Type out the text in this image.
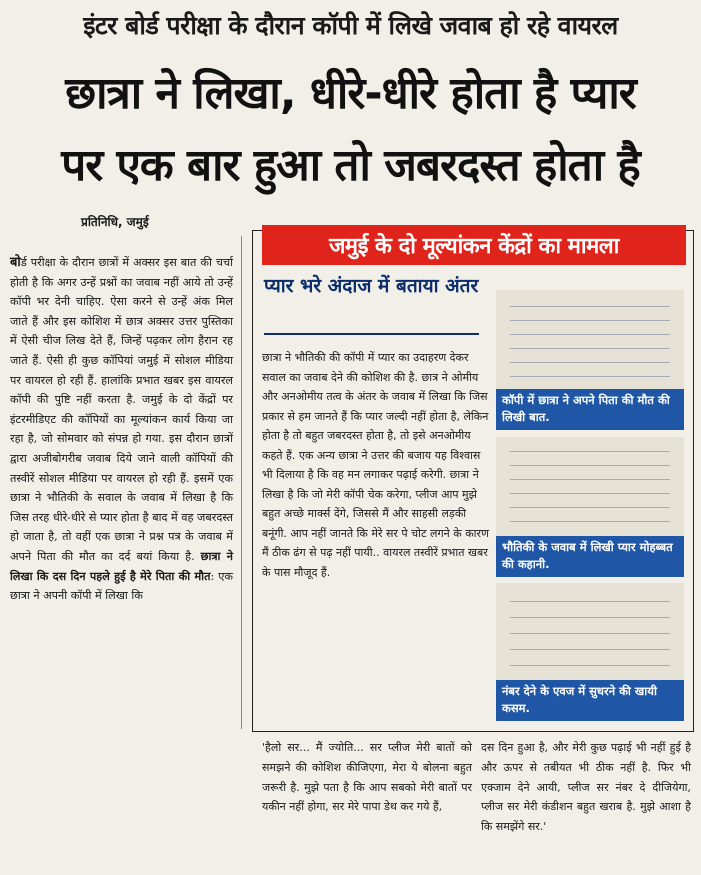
इंटर बोर्ड परीक्षा के दौरान कॉपी में लिखे जवाब हो रहे वायरल
छात्रा ने लिखा, धीरे-धीरे होता है प्यार
पर एक बार हुआ तो जबरदस्त होता है
प्रतिनिधि, जमुई
बोर्ड परीक्षा के दौरान छात्रों में अक्सर इस बात की चर्चा होती है कि अगर उन्हें प्रश्नों का जवाब नहीं आये तो उन्हें कॉपी भर देनी चाहिए. ऐसा करने से उन्हें अंक मिल जाते हैं और इस कोशिश में छात्र अक्सर उत्तर पुस्तिका में ऐसी चीज लिख देते हैं, जिन्हें पढ़कर लोग हैरान रह जाते हैं. ऐसी ही कुछ कॉपियां जमुई में सोशल मीडिया पर वायरल हो रही हैं. हालांकि प्रभात खबर इस वायरल कॉपी की पुष्टि नहीं करता है. जमुई के दो केंद्रों पर इंटरमीडिएट की कॉपियों का मूल्यांकन कार्य किया जा रहा है, जो सोमवार को संपन्न हो गया. इस दौरान छात्रों द्वारा अजीबोगरीब जवाब दिये जाने वाली कॉपियों की तस्वीरें सोशल मीडिया पर वायरल हो रही हैं. इसमें एक छात्रा ने भौतिकी के सवाल के जवाब में लिखा है कि जिस तरह धीरे-धीरे से प्यार होता है बाद में वह जबरदस्त हो जाता है, तो वहीं एक छात्रा ने प्रश्न पत्र के जवाब में अपने पिता की मौत का दर्द बयां किया है. छात्रा ने लिखा कि दस दिन पहले हुई है मेरे पिता की मौत: एक छात्रा ने अपनी कॉपी में लिखा कि
जमुई के दो मूल्यांकन केंद्रों का मामला
प्यार भरे अंदाज में बताया अंतर
छात्रा ने भौतिकी की कॉपी में प्यार का उदाहरण देकर सवाल का जवाब देने की कोशिश की है. छात्र ने ओमीय और अनओमीय तत्व के अंतर के जवाब में लिखा कि जिस प्रकार से हम जानते हैं कि प्यार जल्दी नहीं होता है, लेकिन होता है तो बहुत जबरदस्त होता है, तो इसे अनओमीय कहते हैं. एक अन्य छात्रा ने उत्तर की बजाय यह विश्वास भी दिलाया है कि वह मन लगाकर पढ़ाई करेगी. छात्रा ने लिखा है कि जो मेरी कॉपी चेक करेगा, प्लीज आप मुझे बहुत अच्छे मार्क्स देंगे, जिससे मैं और साहसी लड़की बनूंगी. आप नहीं जानते कि मेरे सर पे चोट लगने के कारण मैं ठीक ढंग से पढ़ नहीं पायी.. वायरल तस्वीरें प्रभात खबर के पास मौजूद हैं.
कॉपी में छात्रा ने अपने पिता की मौत की लिखी बात.
भौतिकी के जवाब में लिखी प्यार मोहब्बत की कहानी.
नंबर देने के एवज में सुधरने की खायी कसम.
'हैलो सर... मैं ज्योति... सर प्लीज मेरी बातों को समझने की कोशिश कीजिएगा, मेरा ये बोलना बहुत जरूरी है. मुझे पता है कि आप सबको मेरी बातों पर यकीन नहीं होगा, सर मेरे पापा डेथ कर गये हैं,
दस दिन हुआ है, और मेरी कुछ पढ़ाई भी नहीं हुई है और ऊपर से तबीयत भी ठीक नहीं है. फिर भी एक्जाम देने आयी, प्लीज सर नंबर दे दीजियेगा, प्लीज सर मेरी कंडीशन बहुत खराब है. मुझे आशा है कि समझेंगे सर.'
